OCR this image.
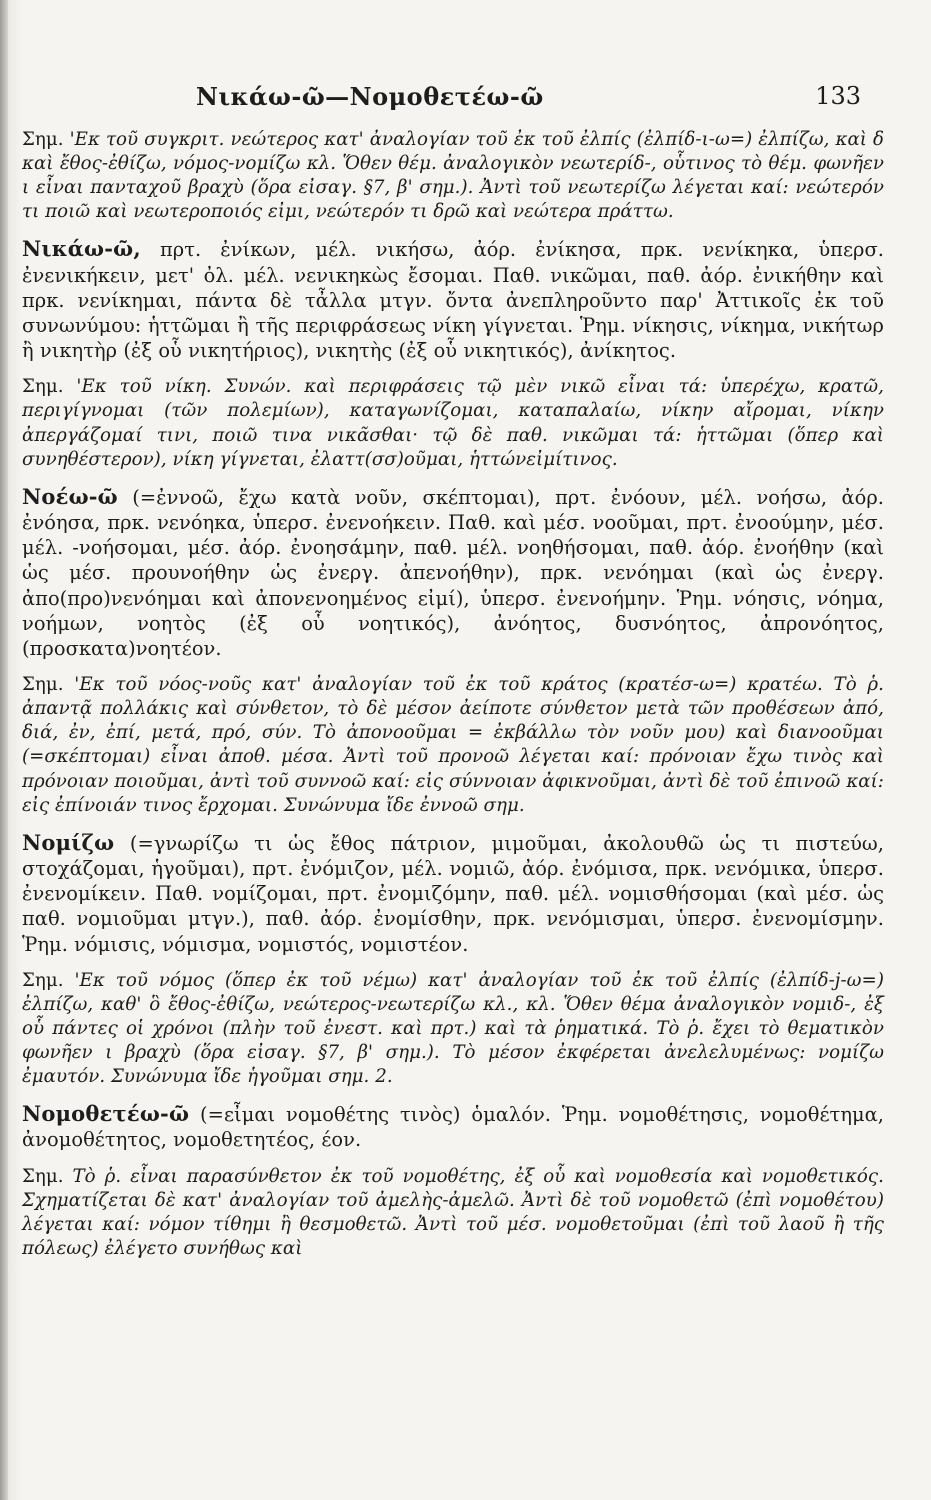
Νικάω-ῶ—Νομοθετέω-ῶ	133

Σημ. 'Εκ τοῦ συγκριτ. νεώτερος κατ' ἀναλογίαν τοῦ ἐκ τοῦ ἐλπίς (ἐλπίδ-ι-ω=) ἐλπίζω, καὶ δ καὶ ἔθος-ἐθίζω, νόμος-νομίζω κλ. Ὅθεν θέμ. ἀναλογικὸν νεωτερίδ-, οὗτινος τὸ θέμ. φωνῆεν ι εἶναι πανταχοῦ βραχὺ (ὅρα εἰσαγ. §7, β' σημ.). Ἀντὶ τοῦ νεωτερίζω λέγεται καί: νεώτερόν τι ποιῶ καὶ νεωτεροποιός εἰμι, νεώτερόν τι δρῶ καὶ νεώτερα πράττω.

Νικάω-ῶ, πρτ. ἐνίκων, μέλ. νικήσω, ἀόρ. ἐνίκησα, πρκ. νενίκηκα, ὑπερσ. ἐνενικήκειν, μετ' ὀλ. μέλ. νενικηκὼς ἔσομαι. Παθ. νικῶμαι, παθ. ἀόρ. ἐνικήθην καὶ πρκ. νενίκημαι, πάντα δὲ τἆλλα μτγν. ὄντα ἀνεπληροῦντο παρ' Ἀττικοῖς ἐκ τοῦ συνωνύμου: ἡττῶμαι ἢ τῆς περιφράσεως νίκη γίγνεται. Ῥημ. νίκησις, νίκημα, νικήτωρ ἢ νικητὴρ (ἐξ οὗ νικητήριος), νικητὴς (ἐξ οὗ νικητικός), ἀνίκητος.

Σημ. 'Εκ τοῦ νίκη. Συνών. καὶ περιφράσεις τῷ μὲν νικῶ εἶναι τά: ὑπερέχω, κρατῶ, περιγίγνομαι (τῶν πολεμίων), καταγωνίζομαι, καταπαλαίω, νίκην αἴρομαι, νίκην ἀπεργάζομαί τινι, ποιῶ τινα νικᾶσθαι· τῷ δὲ παθ. νικῶμαι τά: ἡττῶμαι (ὅπερ καὶ συνηθέστερον), νίκη γίγνεται, ἐλαττ(σσ)οῦμαι, ἡττώνεἰμίτινος.

Νοέω-ῶ (=ἐννοῶ, ἔχω κατὰ νοῦν, σκέπτομαι), πρτ. ἐνόουν, μέλ. νοήσω, ἀόρ. ἐνόησα, πρκ. νενόηκα, ὑπερσ. ἐνενοήκειν. Παθ. καὶ μέσ. νοοῦμαι, πρτ. ἐνοούμην, μέσ. μέλ. -νοήσομαι, μέσ. ἀόρ. ἐνοησάμην, παθ. μέλ. νοηθήσομαι, παθ. ἀόρ. ἐνοήθην (καὶ ὡς μέσ. προυνοήθην ὡς ἐνεργ. ἀπενοήθην), πρκ. νενόημαι (καὶ ὡς ἐνεργ. ἀπο(προ)νενόημαι καὶ ἀπονενοημένος εἰμί), ὑπερσ. ἐνενοήμην. Ῥημ. νόησις, νόημα, νοήμων, νοητὸς (ἐξ οὗ νοητικός), ἀνόητος, δυσνόητος, ἀπρονόητος, (προσκατα)νοητέον.

Σημ. 'Εκ τοῦ νόος-νοῦς κατ' ἀναλογίαν τοῦ ἐκ τοῦ κράτος (κρατέσ-ω=) κρατέω. Τὸ ῥ. ἀπαντᾷ πολλάκις καὶ σύνθετον, τὸ δὲ μέσον ἀείποτε σύνθετον μετὰ τῶν προθέσεων ἀπό, διά, ἐν, ἐπί, μετά, πρό, σύν. Τὸ ἀπονοοῦμαι = ἐκβάλλω τὸν νοῦν μου) καὶ διανοοῦμαι (=σκέπτομαι) εἶναι ἀποθ. μέσα. Ἀντὶ τοῦ προνοῶ λέγεται καί: πρόνοιαν ἔχω τινὸς καὶ πρόνοιαν ποιοῦμαι, ἀντὶ τοῦ συννοῶ καί: εἰς σύννοιαν ἀφικνοῦμαι, ἀντὶ δὲ τοῦ ἐπινοῶ καί: εἰς ἐπίνοιάν τινος ἔρχομαι. Συνώνυμα ἴδε ἐννοῶ σημ.

Νομίζω (=γνωρίζω τι ὡς ἔθος πάτριον, μιμοῦμαι, ἀκολουθῶ ὡς τι πιστεύω, στοχάζομαι, ἡγοῦμαι), πρτ. ἐνόμιζον, μέλ. νομιῶ, ἀόρ. ἐνόμισα, πρκ. νενόμικα, ὑπερσ. ἐνενομίκειν. Παθ. νομίζομαι, πρτ. ἐνομιζόμην, παθ. μέλ. νομισθήσομαι (καὶ μέσ. ὡς παθ. νομιοῦμαι μτγν.), παθ. ἀόρ. ἐνομίσθην, πρκ. νενόμισμαι, ὑπερσ. ἐνενομίσμην. Ῥημ. νόμισις, νόμισμα, νομιστός, νομιστέον.

Σημ. 'Εκ τοῦ νόμος (ὅπερ ἐκ τοῦ νέμω) κατ' ἀναλογίαν τοῦ ἐκ τοῦ ἐλπίς (ἐλπίδ-j-ω=) ἐλπίζω, καθ' ὃ ἔθος-ἐθίζω, νεώτερος-νεωτερίζω κλ., κλ. Ὅθεν θέμα ἀναλογικὸν νομιδ-, ἐξ οὗ πάντες οἱ χρόνοι (πλὴν τοῦ ἐνεστ. καὶ πρτ.) καὶ τὰ ῥηματικά. Τὸ ῥ. ἔχει τὸ θεματικὸν φωνῆεν ι βραχὺ (ὅρα εἰσαγ. §7, β' σημ.). Τὸ μέσον ἐκφέρεται ἀνελελυμένως: νομίζω ἐμαυτόν. Συνώνυμα ἴδε ἡγοῦμαι σημ. 2.

Νομοθετέω-ῶ (=εἶμαι νομοθέτης τινὸς) ὁμαλόν. Ῥημ. νομοθέτησις, νομοθέτημα, ἀνομοθέτητος, νομοθετητέος, έον.

Σημ. Τὸ ῥ. εἶναι παρασύνθετον ἐκ τοῦ νομοθέτης, ἐξ οὗ καὶ νομοθεσία καὶ νομοθετικός. Σχηματίζεται δὲ κατ' ἀναλογίαν τοῦ ἀμελὴς-ἀμελῶ. Ἀντὶ δὲ τοῦ νομοθετῶ (ἐπὶ νομοθέτου) λέγεται καί: νόμον τίθημι ἢ θεσμοθετῶ. Ἀντὶ τοῦ μέσ. νομοθετοῦμαι (ἐπὶ τοῦ λαοῦ ἢ τῆς πόλεως) ἐλέγετο συνήθως καὶ
